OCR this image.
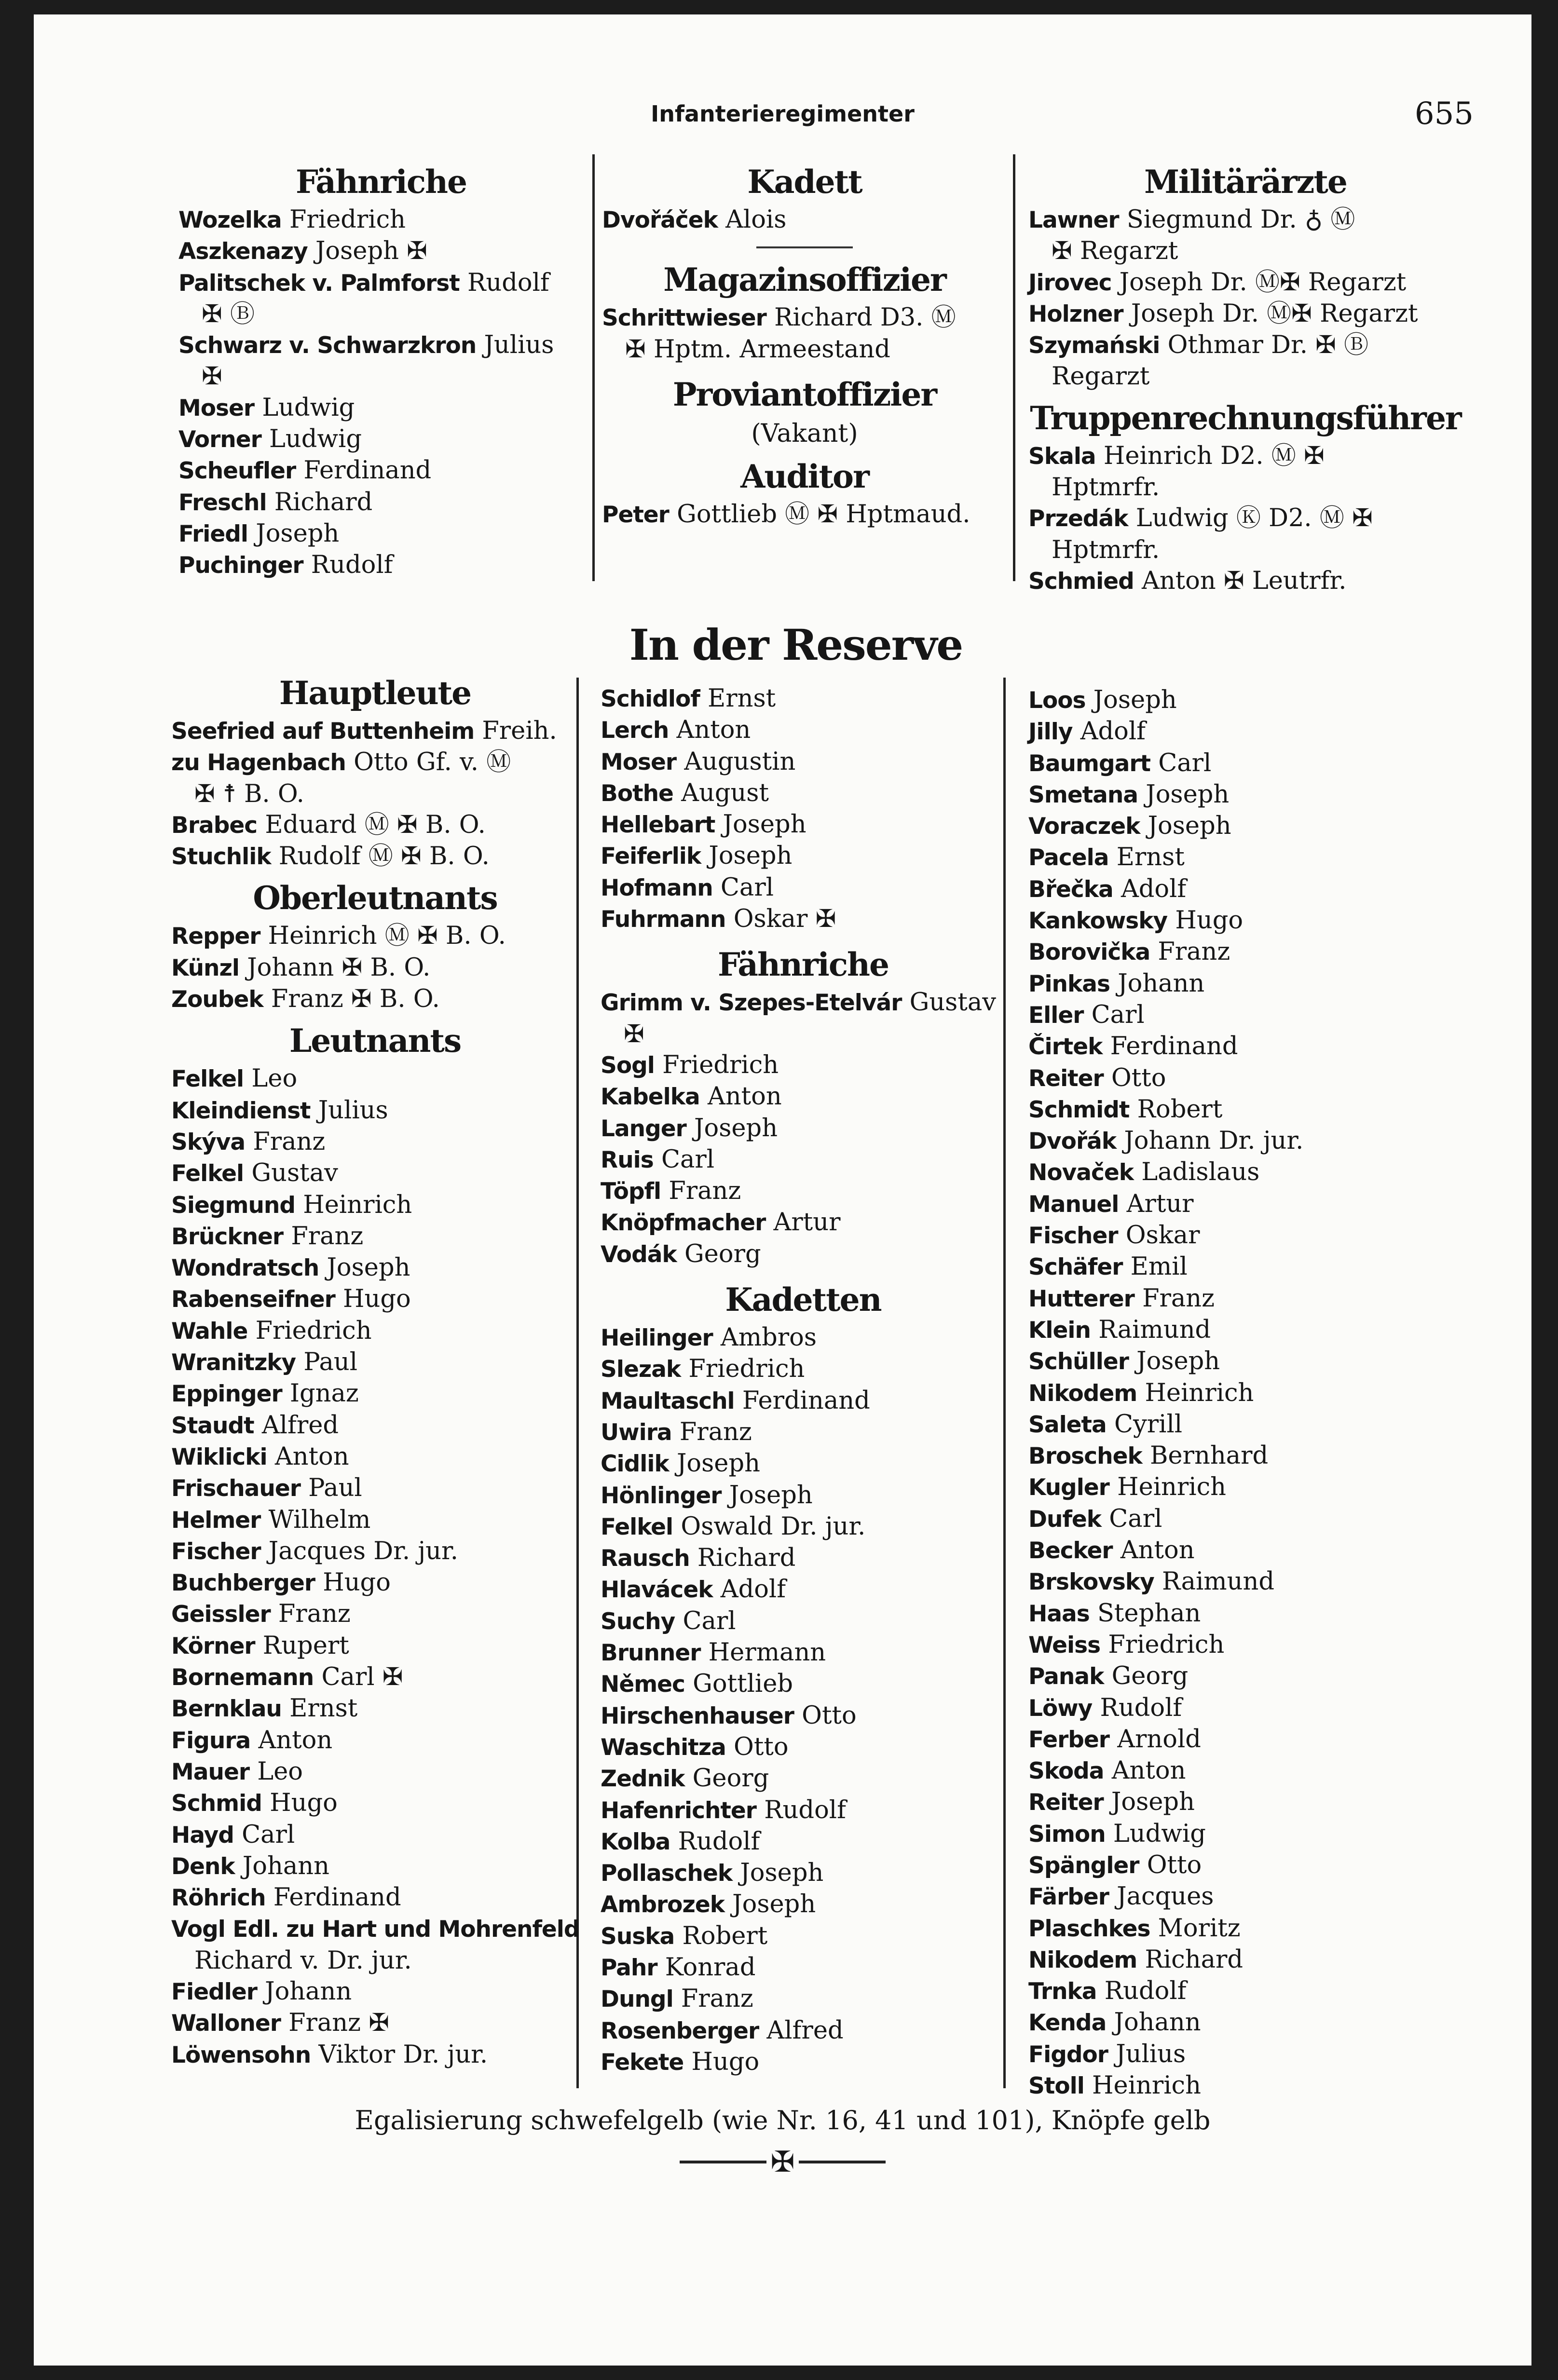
Infanterieregimenter	655
Fähnriche
Wozelka Friedrich
Aszkenazy Joseph ✠
Palitschek v. Palmforst Rudolf
✠ Ⓑ
Schwarz v. Schwarzkron Julius
✠
Moser Ludwig
Vorner Ludwig
Scheufler Ferdinand
Freschl Richard
Friedl Joseph
Puchinger Rudolf
Kadett
Dvořáček Alois
Magazinsoffizier
Schrittwieser Richard D3. Ⓜ
✠ Hptm. Armeestand
Proviantoffizier
(Vakant)
Auditor
Peter Gottlieb Ⓜ ✠ Hptmaud.
Militärärzte
Lawner Siegmund Dr. ♁ Ⓜ
✠ Regarzt
Jirovec Joseph Dr. Ⓜ✠ Regarzt
Holzner Joseph Dr. Ⓜ✠ Regarzt
Szymański Othmar Dr. ✠ Ⓑ
Regarzt
Truppenrechnungsführer
Skala Heinrich D2. Ⓜ ✠
Hptmrfr.
Przedák Ludwig Ⓚ D2. Ⓜ ✠
Hptmrfr.
Schmied Anton ✠ Leutrfr.
In der Reserve
Hauptleute
Seefried auf Buttenheim Freih.
zu Hagenbach Otto Gf. v. Ⓜ
✠ ☨ B. O.
Brabec Eduard Ⓜ ✠ B. O.
Stuchlik Rudolf Ⓜ ✠ B. O.
Oberleutnants
Repper Heinrich Ⓜ ✠ B. O.
Künzl Johann ✠ B. O.
Zoubek Franz ✠ B. O.
Leutnants
Felkel Leo
Kleindienst Julius
Skýva Franz
Felkel Gustav
Siegmund Heinrich
Brückner Franz
Wondratsch Joseph
Rabenseifner Hugo
Wahle Friedrich
Wranitzky Paul
Eppinger Ignaz
Staudt Alfred
Wiklicki Anton
Frischauer Paul
Helmer Wilhelm
Fischer Jacques Dr. jur.
Buchberger Hugo
Geissler Franz
Körner Rupert
Bornemann Carl ✠
Bernklau Ernst
Figura Anton
Mauer Leo
Schmid Hugo
Hayd Carl
Denk Johann
Röhrich Ferdinand
Vogl Edl. zu Hart und Mohrenfeld
Richard v. Dr. jur.
Fiedler Johann
Walloner Franz ✠
Löwensohn Viktor Dr. jur.
Schidlof Ernst
Lerch Anton
Moser Augustin
Bothe August
Hellebart Joseph
Feiferlik Joseph
Hofmann Carl
Fuhrmann Oskar ✠
Fähnriche
Grimm v. Szepes-Etelvár Gustav
✠
Sogl Friedrich
Kabelka Anton
Langer Joseph
Ruis Carl
Töpfl Franz
Knöpfmacher Artur
Vodák Georg
Kadetten
Heilinger Ambros
Slezak Friedrich
Maultaschl Ferdinand
Uwira Franz
Cidlik Joseph
Hönlinger Joseph
Felkel Oswald Dr. jur.
Rausch Richard
Hlavácek Adolf
Suchy Carl
Brunner Hermann
Němec Gottlieb
Hirschenhauser Otto
Waschitza Otto
Zednik Georg
Hafenrichter Rudolf
Kolba Rudolf
Pollaschek Joseph
Ambrozek Joseph
Suska Robert
Pahr Konrad
Dungl Franz
Rosenberger Alfred
Fekete Hugo
Loos Joseph
Jilly Adolf
Baumgart Carl
Smetana Joseph
Voraczek Joseph
Pacela Ernst
Břečka Adolf
Kankowsky Hugo
Borovička Franz
Pinkas Johann
Eller Carl
Čirtek Ferdinand
Reiter Otto
Schmidt Robert
Dvořák Johann Dr. jur.
Novaček Ladislaus
Manuel Artur
Fischer Oskar
Schäfer Emil
Hutterer Franz
Klein Raimund
Schüller Joseph
Nikodem Heinrich
Saleta Cyrill
Broschek Bernhard
Kugler Heinrich
Dufek Carl
Becker Anton
Brskovsky Raimund
Haas Stephan
Weiss Friedrich
Panak Georg
Löwy Rudolf
Ferber Arnold
Skoda Anton
Reiter Joseph
Simon Ludwig
Spängler Otto
Färber Jacques
Plaschkes Moritz
Nikodem Richard
Trnka Rudolf
Kenda Johann
Figdor Julius
Stoll Heinrich
Egalisierung schwefelgelb (wie Nr. 16, 41 und 101), Knöpfe gelb
✠
